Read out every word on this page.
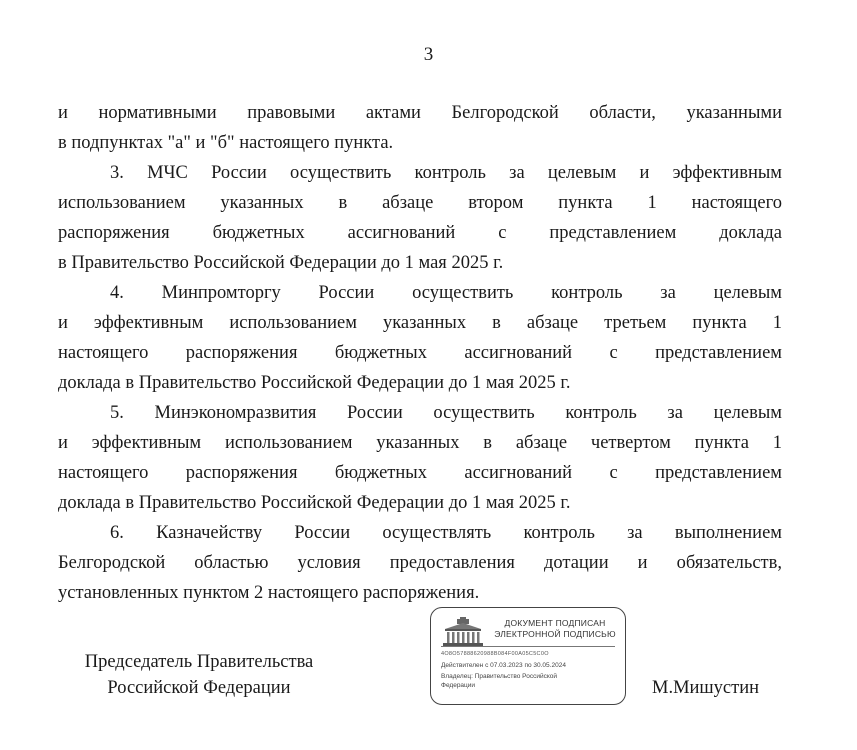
3

и нормативными правовыми актами Белгородской области, указанными
в подпунктах "а" и "б" настоящего пункта.

3. МЧС России осуществить контроль за целевым и эффективным
использованием указанных в абзаце втором пункта 1 настоящего
распоряжения бюджетных ассигнований с представлением доклада
в Правительство Российской Федерации до 1 мая 2025 г.

4. Минпромторгу России осуществить контроль за целевым
и эффективным использованием указанных в абзаце третьем пункта 1
настоящего распоряжения бюджетных ассигнований с представлением
доклада в Правительство Российской Федерации до 1 мая 2025 г.

5. Минэкономразвития России осуществить контроль за целевым
и эффективным использованием указанных в абзаце четвертом пункта 1
настоящего распоряжения бюджетных ассигнований с представлением
доклада в Правительство Российской Федерации до 1 мая 2025 г.

6. Казначейству России осуществлять контроль за выполнением
Белгородской областью условия предоставления дотации и обязательств,
установленных пунктом 2 настоящего распоряжения.

Председатель Правительства
Российской Федерации
ДОКУМЕНТ ПОДПИСАН
ЭЛЕКТРОННОЙ ПОДПИСЬЮ
4O8O57888620988B084F00A05C5C0O
Действителен с 07.03.2023 по 30.05.2024
Владелец: Правительство Российской
Федерации	М.Мишустин
